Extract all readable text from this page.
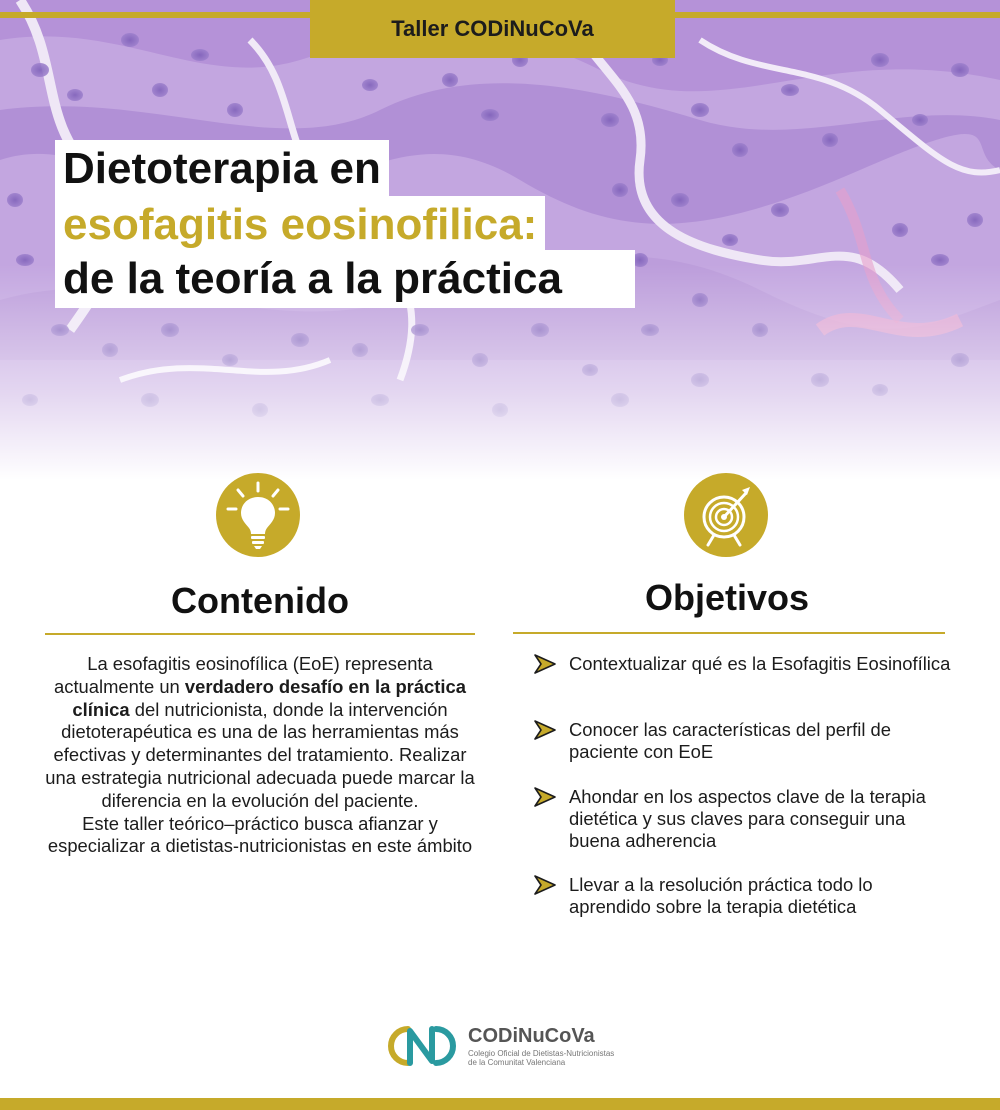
Taller CODiNuCoVa
Dietoterapia en
esofagitis eosinofilica:
de la teoría a la práctica
Contenido
La esofagitis eosinofílica (EoE) representa actualmente un verdadero desafío en la práctica clínica del nutricionista, donde la intervención dietoterapéutica es una de las herramientas más efectivas y determinantes del tratamiento. Realizar una estrategia nutricional adecuada puede marcar la diferencia en la evolución del paciente.
Este taller teórico–práctico busca afianzar y especializar a dietistas-nutricionistas en este ámbito
Objetivos
Contextualizar qué es la Esofagitis Eosinofílica
Conocer las características del perfil de paciente con EoE
Ahondar en los aspectos clave de la terapia dietética y sus claves para conseguir una buena adherencia
Llevar a la resolución práctica todo lo aprendido sobre la terapia dietética
CODiNuCoVa
Colegio Oficial de Dietistas-Nutricionistas
de la Comunitat Valenciana
